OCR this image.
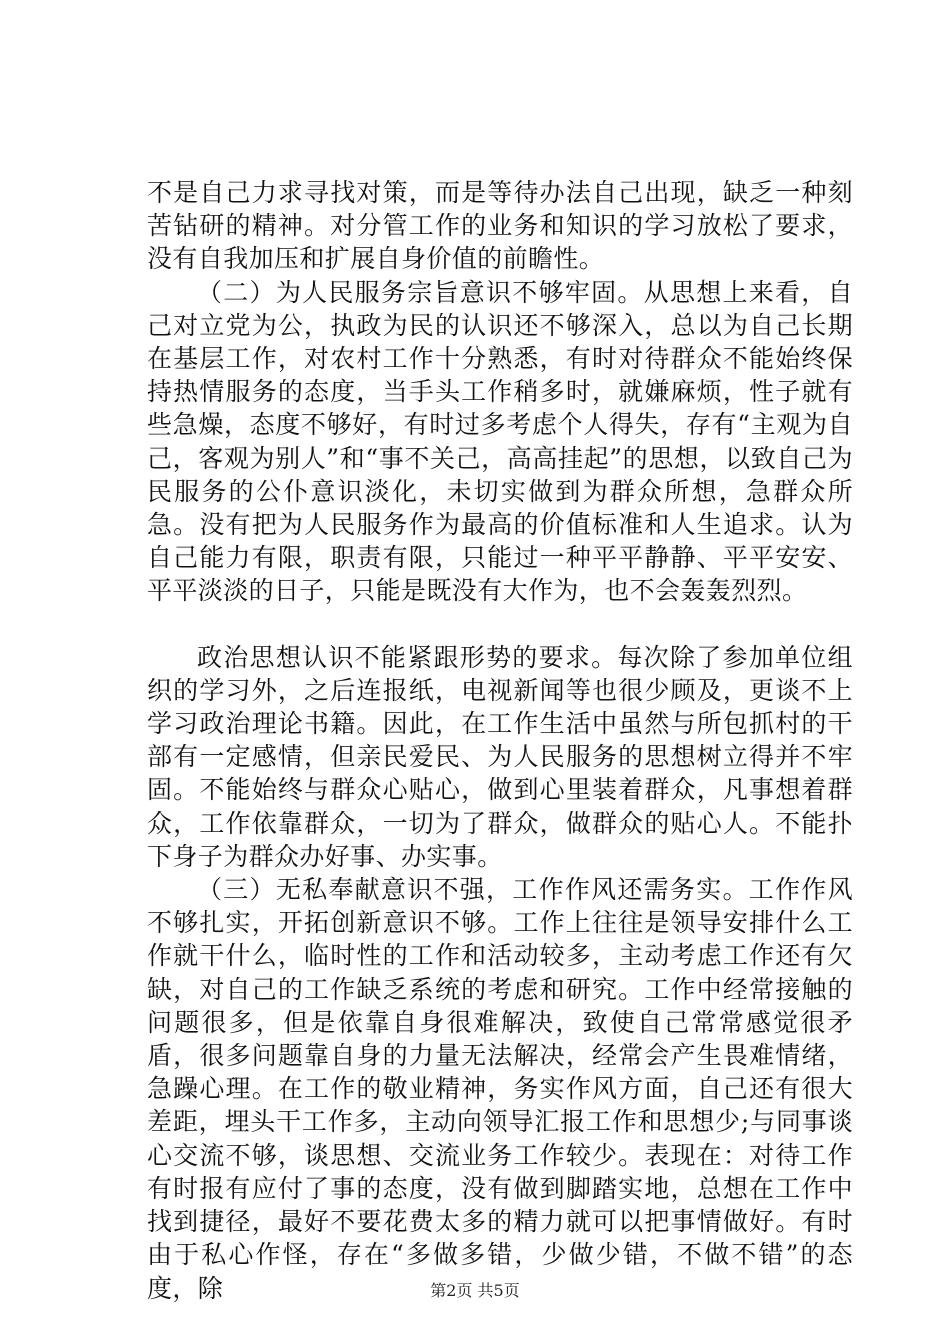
不是自己力求寻找对策，而是等待办法自己出现，缺乏一种刻苦钻研的精神。对分管工作的业务和知识的学习放松了要求，没有自我加压和扩展自身价值的前瞻性。

（二）为人民服务宗旨意识不够牢固。从思想上来看，自己对立党为公，执政为民的认识还不够深入，总以为自己长期在基层工作，对农村工作十分熟悉，有时对待群众不能始终保持热情服务的态度，当手头工作稍多时，就嫌麻烦，性子就有些急燥，态度不够好，有时过多考虑个人得失，存有“主观为自己，客观为别人”和“事不关己，高高挂起”的思想，以致自己为民服务的公仆意识淡化，未切实做到为群众所想，急群众所急。没有把为人民服务作为最高的价值标准和人生追求。认为自己能力有限，职责有限，只能过一种平平静静、平平安安、平平淡淡的日子，只能是既没有大作为，也不会轰轰烈烈。

政治思想认识不能紧跟形势的要求。每次除了参加单位组织的学习外，之后连报纸，电视新闻等也很少顾及，更谈不上学习政治理论书籍。因此，在工作生活中虽然与所包抓村的干部有一定感情，但亲民爱民、为人民服务的思想树立得并不牢固。不能始终与群众心贴心，做到心里装着群众，凡事想着群众，工作依靠群众，一切为了群众，做群众的贴心人。不能扑下身子为群众办好事、办实事。

（三）无私奉献意识不强，工作作风还需务实。工作作风不够扎实，开拓创新意识不够。工作上往往是领导安排什么工作就干什么，临时性的工作和活动较多，主动考虑工作还有欠缺，对自己的工作缺乏系统的考虑和研究。工作中经常接触的问题很多，但是依靠自身很难解决，致使自己常常感觉很矛盾，很多问题靠自身的力量无法解决，经常会产生畏难情绪，急躁心理。在工作的敬业精神，务实作风方面，自己还有很大差距，埋头干工作多，主动向领导汇报工作和思想少;与同事谈心交流不够，谈思想、交流业务工作较少。表现在：对待工作有时报有应付了事的态度，没有做到脚踏实地，总想在工作中找到捷径，最好不要花费太多的精力就可以把事情做好。有时由于私心作怪，存在“多做多错，少做少错，不做不错”的态度，除	第2页 共5页
